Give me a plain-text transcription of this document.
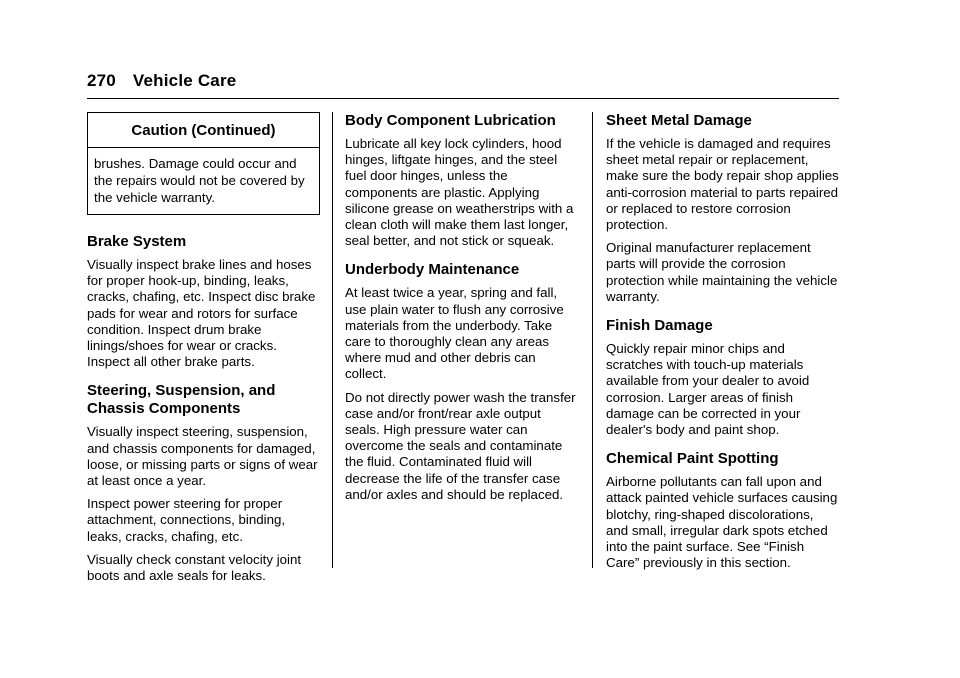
270 Vehicle Care
Caution (Continued)
brushes. Damage could occur and the repairs would not be covered by the vehicle warranty.
Brake System

Visually inspect brake lines and hoses for proper hook-up, binding, leaks, cracks, chafing, etc. Inspect disc brake pads for wear and rotors for surface condition. Inspect drum brake linings/shoes for wear or cracks. Inspect all other brake parts.

Steering, Suspension, and Chassis Components

Visually inspect steering, suspension, and chassis components for damaged, loose, or missing parts or signs of wear at least once a year.

Inspect power steering for proper attachment, connections, binding, leaks, cracks, chafing, etc.

Visually check constant velocity joint boots and axle seals for leaks.

Body Component Lubrication

Lubricate all key lock cylinders, hood hinges, liftgate hinges, and the steel fuel door hinges, unless the components are plastic. Applying silicone grease on weatherstrips with a clean cloth will make them last longer, seal better, and not stick or squeak.

Underbody Maintenance

At least twice a year, spring and fall, use plain water to flush any corrosive materials from the underbody. Take care to thoroughly clean any areas where mud and other debris can collect.

Do not directly power wash the transfer case and/or front/rear axle output seals. High pressure water can overcome the seals and contaminate the fluid. Contaminated fluid will decrease the life of the transfer case and/or axles and should be replaced.

Sheet Metal Damage

If the vehicle is damaged and requires sheet metal repair or replacement, make sure the body repair shop applies anti-corrosion material to parts repaired or replaced to restore corrosion protection.

Original manufacturer replacement parts will provide the corrosion protection while maintaining the vehicle warranty.

Finish Damage

Quickly repair minor chips and scratches with touch-up materials available from your dealer to avoid corrosion. Larger areas of finish damage can be corrected in your dealer's body and paint shop.

Chemical Paint Spotting

Airborne pollutants can fall upon and attack painted vehicle surfaces causing blotchy, ring-shaped discolorations, and small, irregular dark spots etched into the paint surface. See “Finish Care” previously in this section.
